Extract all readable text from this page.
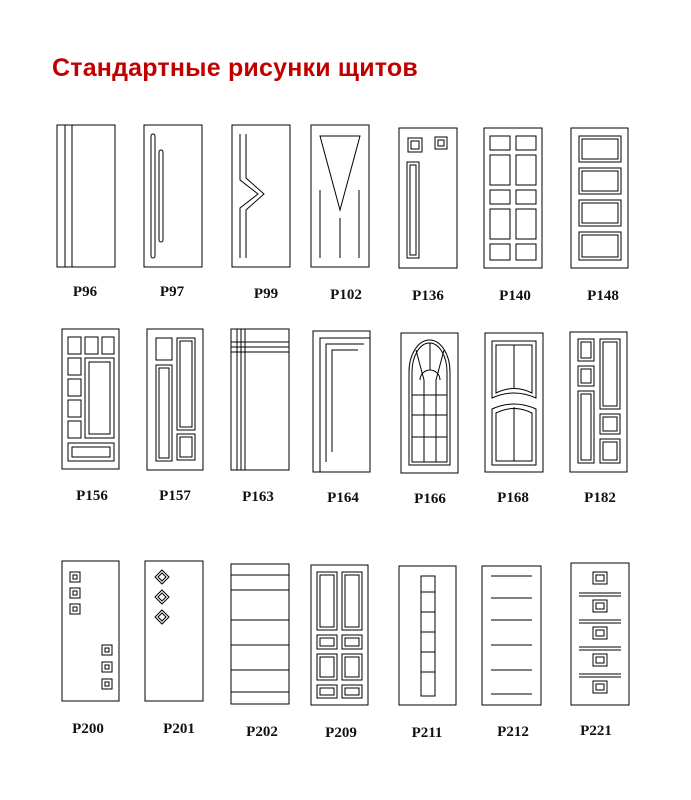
Стандартные рисунки щитов
P96	P97	P99	P102	P136	P140	P148
P156	P157	P163	P164	P166	P168	P182
P200	P201	P202	P209	P211	P212	P221
